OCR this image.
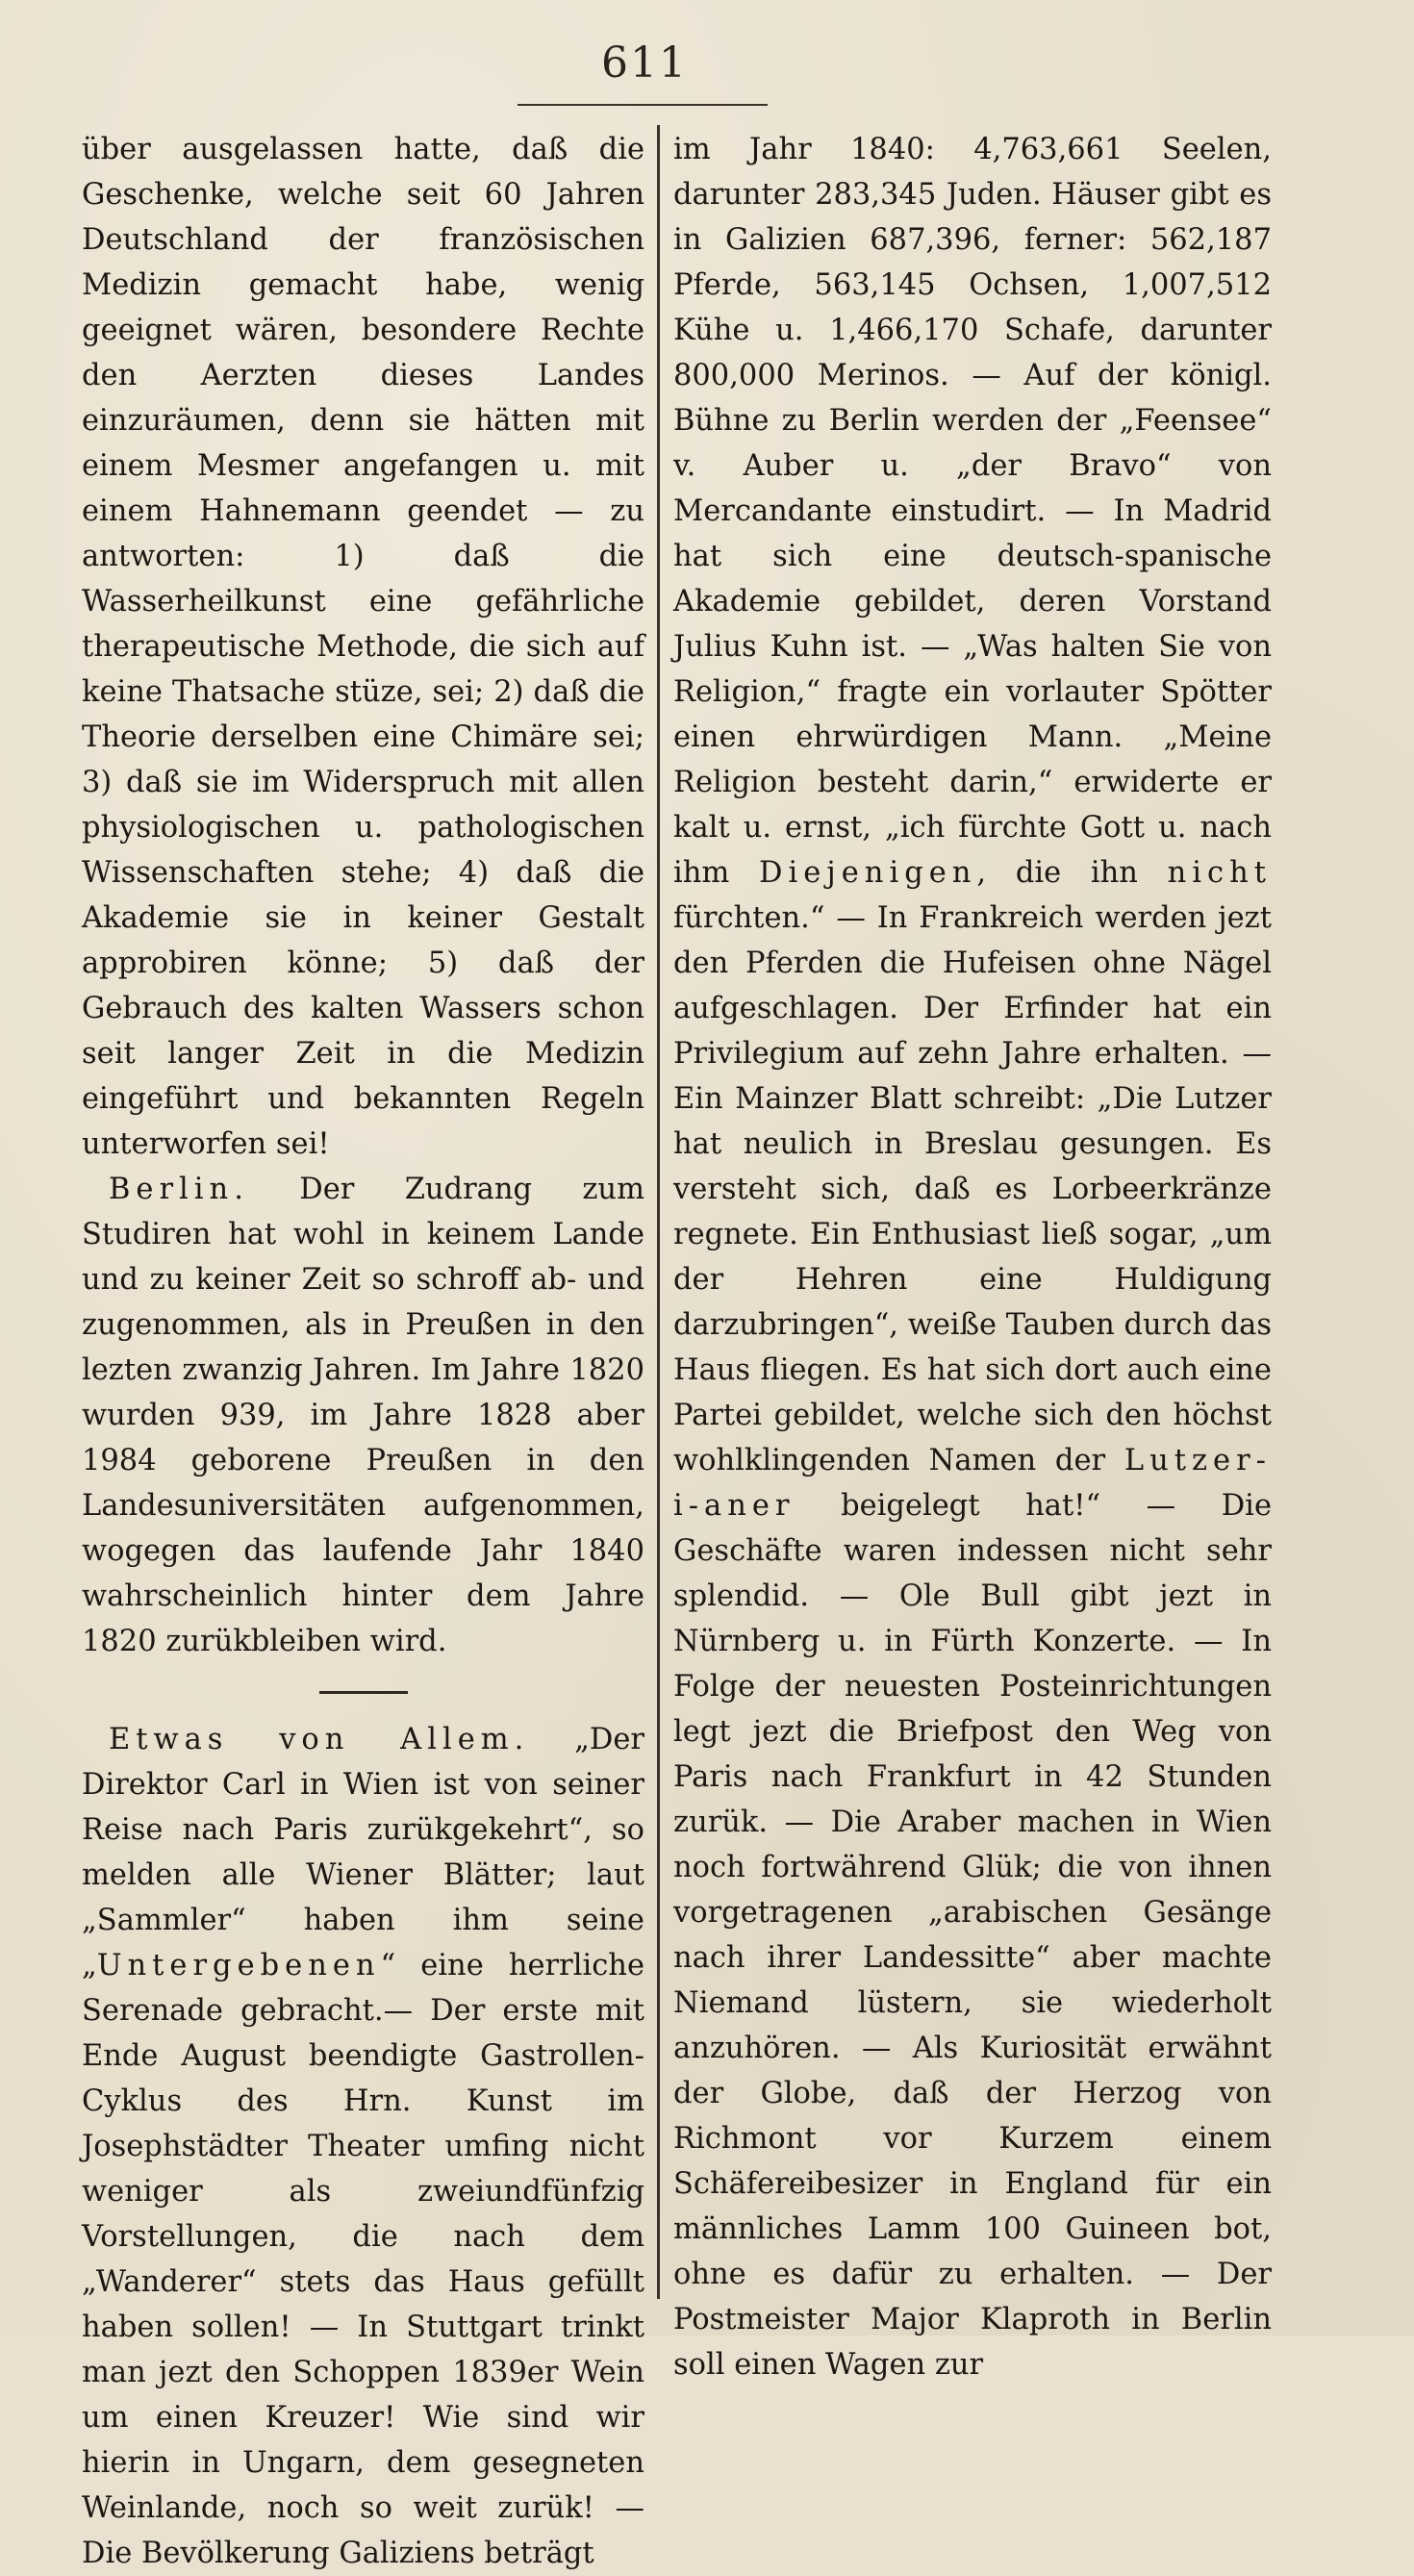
611

über ausgelassen hatte, daß die Geschenke, welche seit 60 Jahren Deutschland der französischen Medizin gemacht habe, wenig geeignet wären, besondere Rechte den Aerzten dieses Landes einzuräumen, denn sie hätten mit einem Mesmer angefangen u. mit einem Hahnemann geendet — zu antworten: 1) daß die Wasserheilkunst eine gefährliche therapeutische Methode, die sich auf keine Thatsache stüze, sei; 2) daß die Theorie derselben eine Chimäre sei; 3) daß sie im Widerspruch mit allen physiologischen u. pathologischen Wissenschaften stehe; 4) daß die Akademie sie in keiner Gestalt approbiren könne; 5) daß der Gebrauch des kalten Wassers schon seit langer Zeit in die Medizin eingeführt und bekannten Regeln unterworfen sei!

Berlin. Der Zudrang zum Studiren hat wohl in keinem Lande und zu keiner Zeit so schroff ab- und zugenommen, als in Preußen in den lezten zwanzig Jahren. Im Jahre 1820 wurden 939, im Jahre 1828 aber 1984 geborene Preußen in den Landesuniversitäten aufgenommen, wogegen das laufende Jahr 1840 wahrscheinlich hinter dem Jahre 1820 zurükbleiben wird.

Etwas von Allem. „Der Direktor Carl in Wien ist von seiner Reise nach Paris zurükgekehrt“, so melden alle Wiener Blätter; laut „Sammler“ haben ihm seine „Untergebenen“ eine herrliche Serenade gebracht.— Der erste mit Ende August beendigte Gastrollen-Cyklus des Hrn. Kunst im Josephstädter Theater umfing nicht weniger als zweiundfünfzig Vorstellungen, die nach dem „Wanderer“ stets das Haus gefüllt haben sollen! — In Stuttgart trinkt man jezt den Schoppen 1839er Wein um einen Kreuzer! Wie sind wir hierin in Ungarn, dem gesegneten Weinlande, noch so weit zurük! — Die Bevölkerung Galiziens beträgt

im Jahr 1840: 4,763,661 Seelen, darunter 283,345 Juden. Häuser gibt es in Galizien 687,396, ferner: 562,187 Pferde, 563,145 Ochsen, 1,007,512 Kühe u. 1,466,170 Schafe, darunter 800,000 Merinos. — Auf der königl. Bühne zu Berlin werden der „Feensee“ v. Auber u. „der Bravo“ von Mercandante einstudirt. — In Madrid hat sich eine deutsch-spanische Akademie gebildet, deren Vorstand Julius Kuhn ist. — „Was halten Sie von Religion,“ fragte ein vorlauter Spötter einen ehrwürdigen Mann. „Meine Religion besteht darin,“ erwiderte er kalt u. ernst, „ich fürchte Gott u. nach ihm Diejenigen, die ihn nicht fürchten.“ — In Frankreich werden jezt den Pferden die Hufeisen ohne Nägel aufgeschlagen. Der Erfinder hat ein Privilegium auf zehn Jahre erhalten. — Ein Mainzer Blatt schreibt: „Die Lutzer hat neulich in Breslau gesungen. Es versteht sich, daß es Lorbeerkränze regnete. Ein Enthusiast ließ sogar, „um der Hehren eine Huldigung darzubringen“, weiße Tauben durch das Haus fliegen. Es hat sich dort auch eine Partei gebildet, welche sich den höchst wohlklingenden Namen der Lutzer-i-aner beigelegt hat!“ — Die Geschäfte waren indessen nicht sehr splendid. — Ole Bull gibt jezt in Nürnberg u. in Fürth Konzerte. — In Folge der neuesten Posteinrichtungen legt jezt die Briefpost den Weg von Paris nach Frankfurt in 42 Stunden zurük. — Die Araber machen in Wien noch fortwährend Glük; die von ihnen vorgetragenen „arabischen Gesänge nach ihrer Landessitte“ aber machte Niemand lüstern, sie wiederholt anzuhören. — Als Kuriosität erwähnt der Globe, daß der Herzog von Richmont vor Kurzem einem Schäfereibesizer in England für ein männliches Lamm 100 Guineen bot, ohne es dafür zu erhalten. — Der Postmeister Major Klaproth in Berlin soll einen Wagen zur
